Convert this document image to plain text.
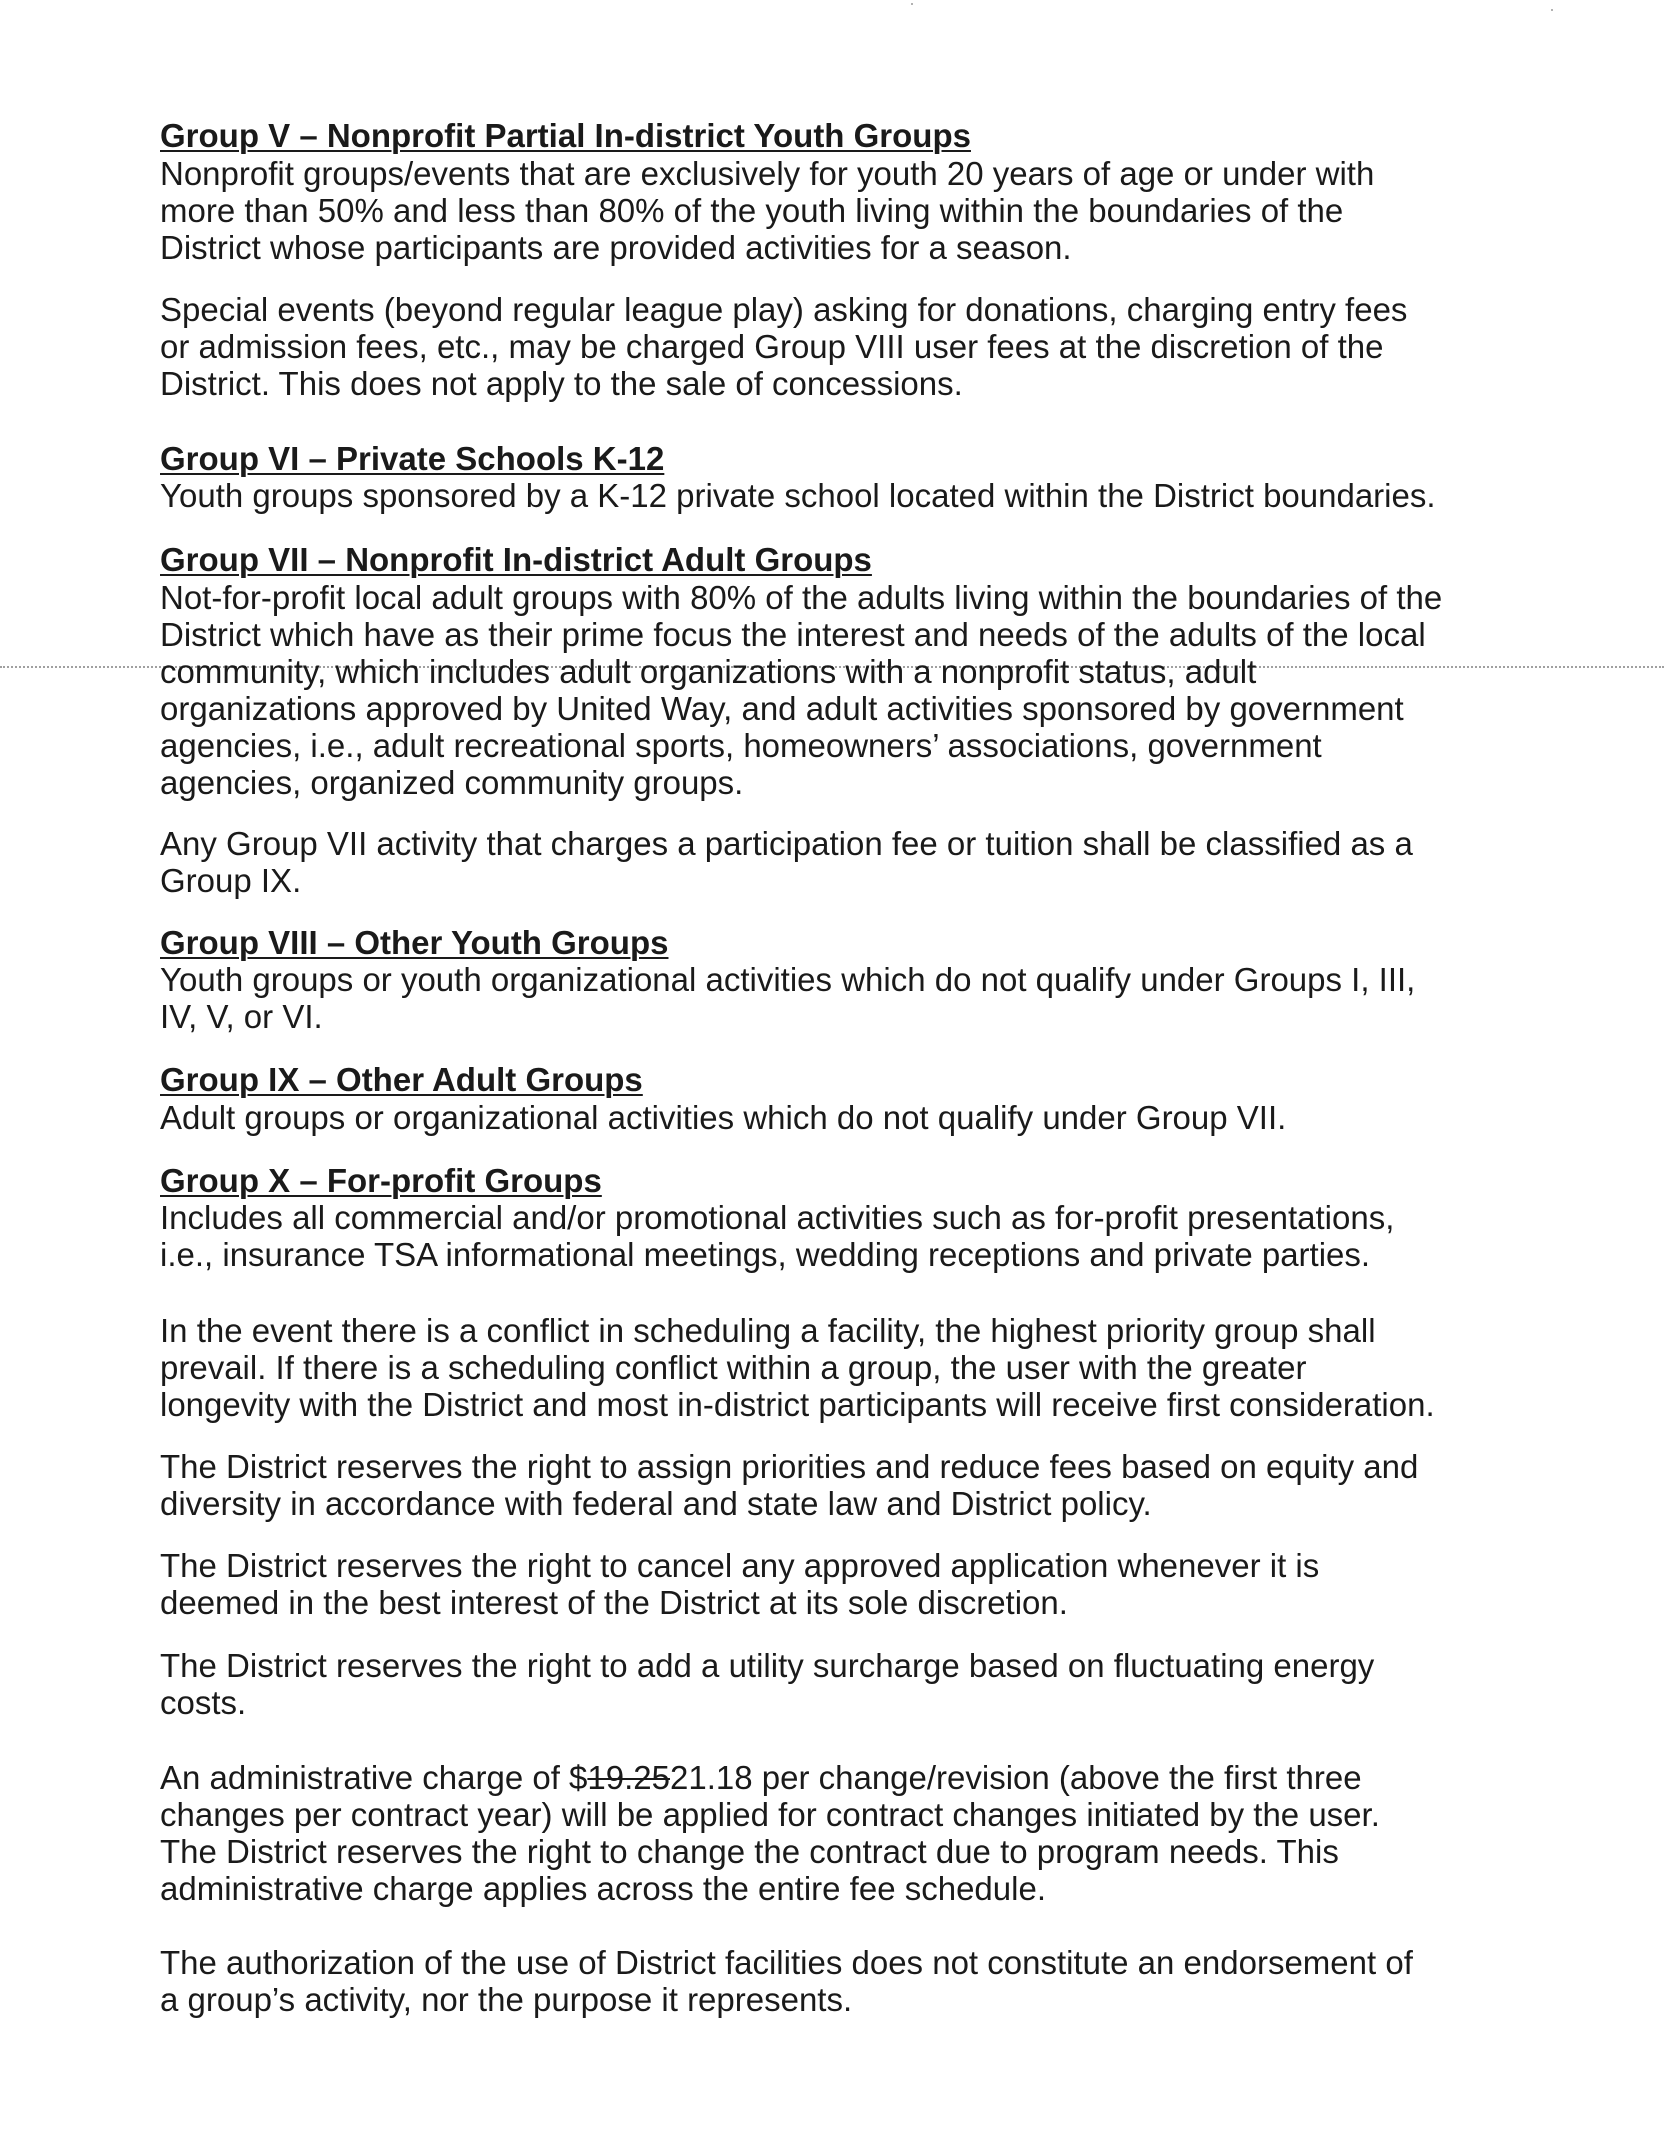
Group V – Nonprofit Partial In-district Youth Groups
Nonprofit groups/events that are exclusively for youth 20 years of age or under with
more than 50% and less than 80% of the youth living within the boundaries of the
District whose participants are provided activities for a season.
Special events (beyond regular league play) asking for donations, charging entry fees
or admission fees, etc., may be charged Group VIII user fees at the discretion of the
District. This does not apply to the sale of concessions.
Group VI – Private Schools K-12
Youth groups sponsored by a K-12 private school located within the District boundaries.
Group VII – Nonprofit In-district Adult Groups
Not-for-profit local adult groups with 80% of the adults living within the boundaries of the
District which have as their prime focus the interest and needs of the adults of the local
community, which includes adult organizations with a nonprofit status, adult
organizations approved by United Way, and adult activities sponsored by government
agencies, i.e., adult recreational sports, homeowners’ associations, government
agencies, organized community groups.
Any Group VII activity that charges a participation fee or tuition shall be classified as a
Group IX.
Group VIII – Other Youth Groups
Youth groups or youth organizational activities which do not qualify under Groups I, III,
IV, V, or VI.
Group IX – Other Adult Groups
Adult groups or organizational activities which do not qualify under Group VII.
Group X – For-profit Groups
Includes all commercial and/or promotional activities such as for-profit presentations,
i.e., insurance TSA informational meetings, wedding receptions and private parties.
In the event there is a conflict in scheduling a facility, the highest priority group shall
prevail. If there is a scheduling conflict within a group, the user with the greater
longevity with the District and most in-district participants will receive first consideration.
The District reserves the right to assign priorities and reduce fees based on equity and
diversity in accordance with federal and state law and District policy.
The District reserves the right to cancel any approved application whenever it is
deemed in the best interest of the District at its sole discretion.
The District reserves the right to add a utility surcharge based on fluctuating energy
costs.
An administrative charge of $19.2521.18 per change/revision (above the first three
changes per contract year) will be applied for contract changes initiated by the user.
The District reserves the right to change the contract due to program needs. This
administrative charge applies across the entire fee schedule.
The authorization of the use of District facilities does not constitute an endorsement of
a group’s activity, nor the purpose it represents.
